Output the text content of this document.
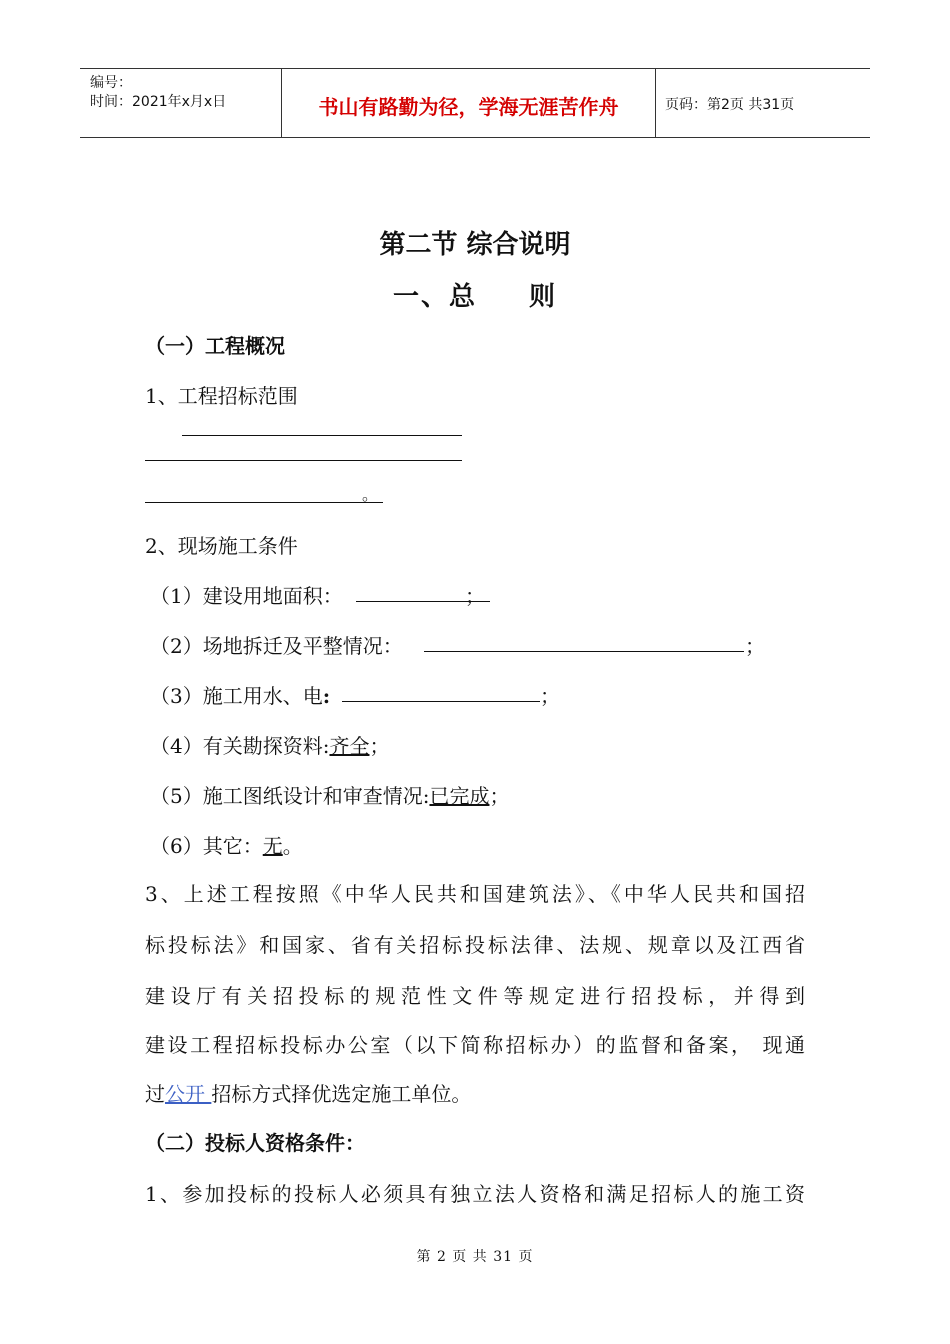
编号：
时间：2021年x月x日	书山有路勤为径，学海无涯苦作舟	页码：第2页 共31页
第二节 综合说明
一、总 则
（一）工程概况
1、工程招标范围
。
2、现场施工条件
（1）建设用地面积：	；
（2）场地拆迁及平整情况：	；
（3）施工用水、电:	；
（4）有关勘探资料:齐全；
（5）施工图纸设计和审查情况:已完成；
（6）其它：无。
3、上述工程按照《中华人民共和国建筑法》、《中华人民共和国招
标投标法》和国家、省有关招标投标法律、法规、规章以及江西省
建设厅有关招投标的规范性文件等规定进行招投标，并得到
建设工程招标投标办公室（以下简称招标办）的监督和备案， 现通
过公开 招标方式择优选定施工单位。
（二）投标人资格条件：
1、参加投标的投标人必须具有独立法人资格和满足招标人的施工资
第 2 页 共 31 页
